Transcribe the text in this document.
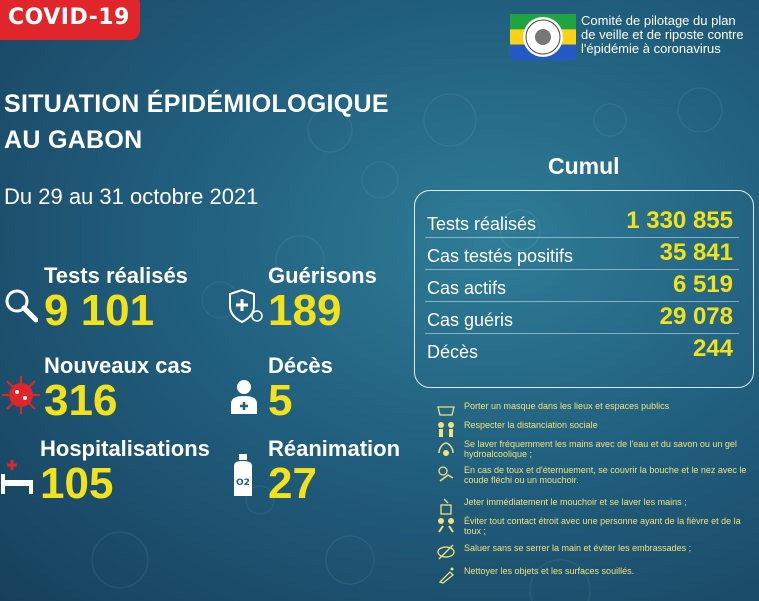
COVID-19	Comité de pilotage du plan
de veille et de riposte contre
l'épidémie à coronavirus
SITUATION ÉPIDÉMIOLOGIQUE
AU GABON
Du 29 au 31 octobre 2021
Tests réalisés
9 101
Guérisons
189
Nouveaux cas
316
Décès
5
Hospitalisations
105	O2
Réanimation
27
Cumul
Tests réalisés	1 330 855
Cas testés positifs	35 841
Cas actifs	6 519
Cas guéris	29 078
Décès	244
Porter un masque dans les lieux et espaces publics
Respecter la distanciation sociale
Se laver fréquemment les mains avec de l'eau et du savon ou un gel hydroalcoolique ;
En cas de toux et d'éternuement, se couvrir la bouche et le nez avec le coude fléchi ou un mouchoir.
Jeter immédiatement le mouchoir et se laver les mains ;
Éviter tout contact étroit avec une personne ayant de la fièvre et de la toux ;
Saluer sans se serrer la main et éviter les embrassades ;
Nettoyer les objets et les surfaces souillés.
